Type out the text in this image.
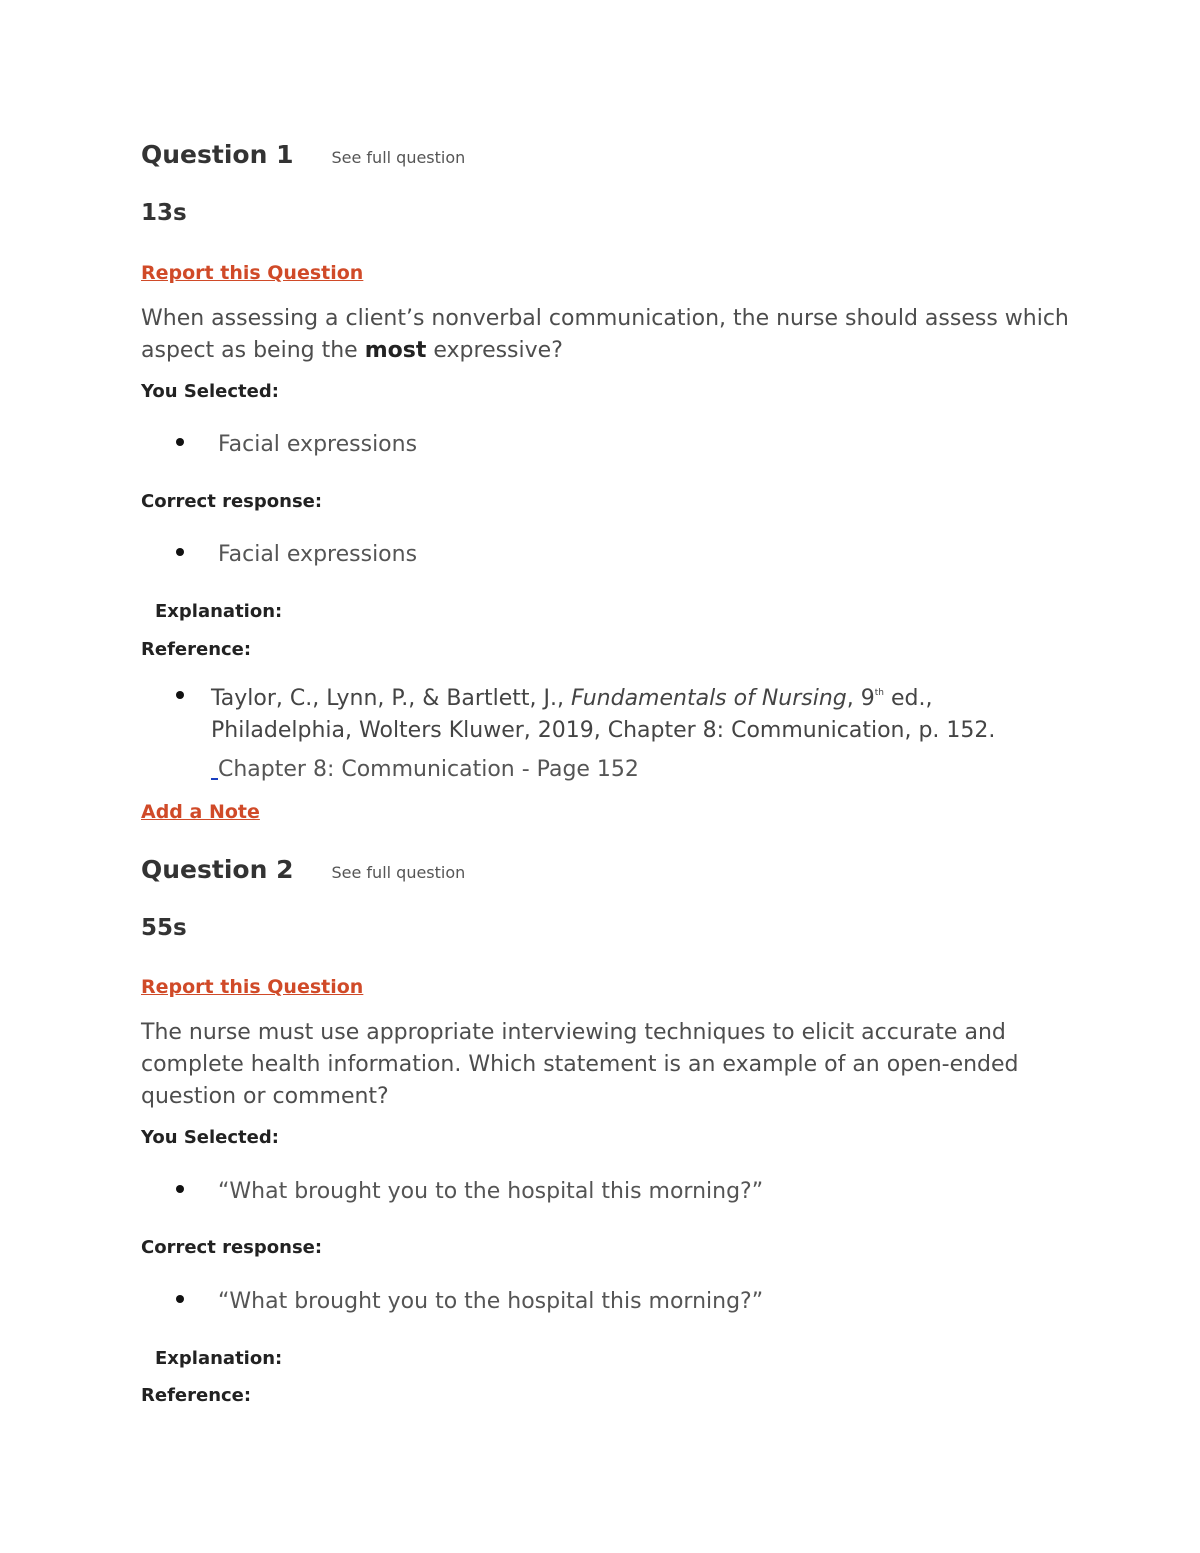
Question 1 See full question
13s
Report this Question
When assessing a client’s nonverbal communication, the nurse should assess which aspect as being the most expressive?
You Selected:
Facial expressions
Correct response:
Facial expressions
Explanation:
Reference:
Taylor, C., Lynn, P., & Bartlett, J., Fundamentals of Nursing, 9th ed., Philadelphia, Wolters Kluwer, 2019, Chapter 8: Communication, p. 152.
Chapter 8: Communication - Page 152
Add a Note
Question 2 See full question
55s
Report this Question
The nurse must use appropriate interviewing techniques to elicit accurate and complete health information. Which statement is an example of an open-ended question or comment?
You Selected:
“What brought you to the hospital this morning?”
Correct response:
“What brought you to the hospital this morning?”
Explanation:
Reference:
